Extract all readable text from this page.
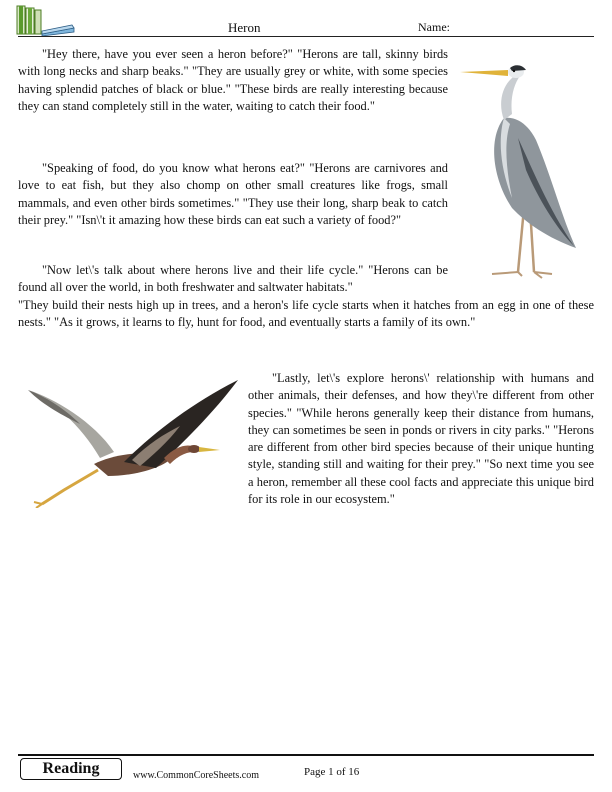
Heron	Name:

"Hey there, have you ever seen a heron before?" "Herons are tall, skinny birds with long necks and sharp beaks." "They are usually grey or white, with some species having splendid patches of black or blue." "These birds are really interesting because they can stand completely still in the water, waiting to catch their food."

"Speaking of food, do you know what herons eat?" "Herons are carnivores and love to eat fish, but they also chomp on other small creatures like frogs, small mammals, and even other birds sometimes." "They use their long, sharp beak to catch their prey." "Isn\'t it amazing how these birds can eat such a variety of food?"

"Now let\'s talk about where herons live and their life cycle." "Herons can be found all over the world, in both freshwater and saltwater habitats."
"They build their nests high up in trees, and a heron's life cycle starts when it hatches from an egg in one of these nests." "As it grows, it learns to fly, hunt for food, and eventually starts a family of its own."

"Lastly, let\'s explore herons\' relationship with humans and other animals, their defenses, and how they\'re different from other species." "While herons generally keep their distance from humans, they can sometimes be seen in ponds or rivers in city parks." "Herons are different from other bird species because of their unique hunting style, standing still and waiting for their prey." "So next time you see a heron, remember all these cool facts and appreciate this unique bird for its role in our ecosystem."

Reading	www.CommonCoreSheets.com	Page 1 of 16
